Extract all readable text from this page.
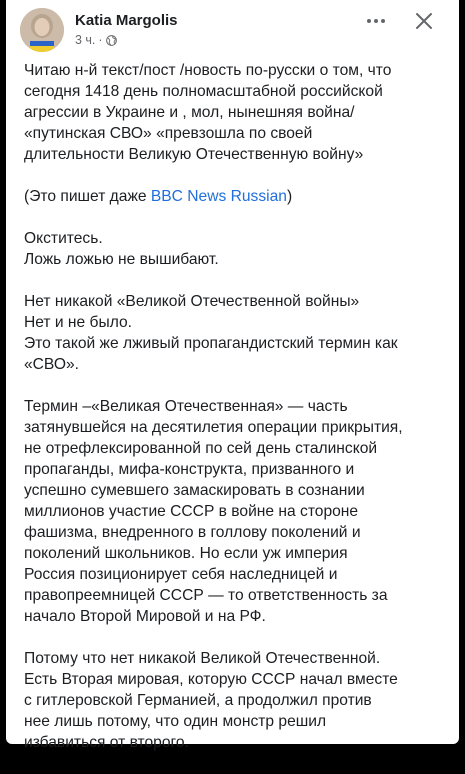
Katia Margolis
3 ч. ·

Читаю н-й текст/пост /новость по-русски о том, что
сегодня 1418 день полномасштабной российской
агрессии в Украине и , мол, нынешняя война/
«путинская СВО» «превзошла по своей
длительности Великую Отечественную войну»

(Это пишет даже BBC News Russian)

Окститесь.
Ложь ложью не вышибают.

Нет никакой «Великой Отечественной войны»
Нет и не было.
Это такой же лживый пропагандистский термин как
«СВО».

Термин –«Великая Отечественная» — часть
затянувшейся на десятилетия операции прикрытия,
не отрефлексированной по сей день сталинской
пропаганды, мифа-конструкта, призванного и
успешно сумевшего замаскировать в сознании
миллионов участие СССР в войне на стороне
фашизма, внедренного в голлову поколений и
поколений школьников. Но если уж империя
Россия позиционирует себя наследницей и
правопреемницей СССР — то ответственность за
начало Второй Мировой и на РФ.

Потому что нет никакой Великой Отечественной.
Есть Вторая мировая, которую СССР начал вместе
с гитлеровской Германией, а продолжил против
нее лишь потому, что один монстр решил
избавиться от второго.
